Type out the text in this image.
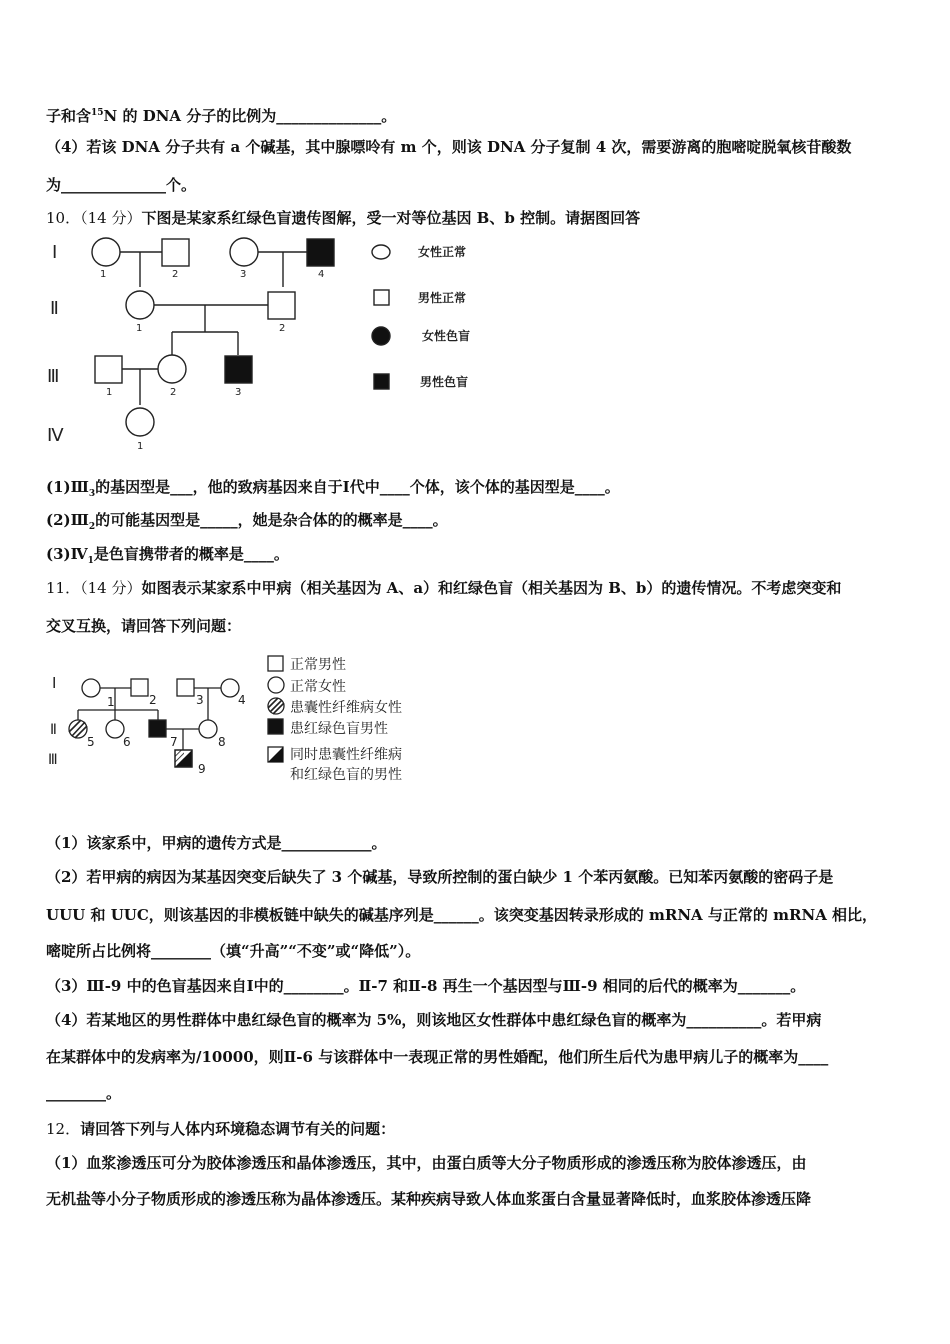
子和含$^{15}$N 的 DNA 分子的比例为______________。
（4）若该 DNA 分子共有 a 个碱基，其中腺嘌呤有 m 个，则该 DNA 分子复制 4 次，需要游离的胞嘧啶脱氧核苷酸数
为______________个。
10．（14 分）下图是某家系红绿色盲遗传图解，受一对等位基因 B、b 控制。请据图回答
Ⅰ
Ⅱ
Ⅲ
Ⅳ
1	2	3	4
1	2
1	2	3
1
女性正常
男性正常
女性色盲
男性色盲
$(1)Ⅲ_3$的基因型是___，他的致病基因来自于Ⅰ代中____个体，该个体的基因型是____。
$(2)Ⅲ_2$的可能基因型是_____，她是杂合体的的概率是____。
$(3)Ⅳ_1$是色盲携带者的概率是____。
11．（14 分）如图表示某家系中甲病（相关基因为 A、a）和红绿色盲（相关基因为 B、b）的遗传情况。不考虑突变和
交叉互换，请回答下列问题：
Ⅰ
Ⅱ
Ⅲ
1	2	3	4
5 6	7	8
9
正常男性
正常女性
患囊性纤维病女性
患红绿色盲男性
同时患囊性纤维病
和红绿色盲的男性
（1）该家系中，甲病的遗传方式是____________。
（2）若甲病的病因为某基因突变后缺失了 3 个碱基，导致所控制的蛋白缺少 1 个苯丙氨酸。已知苯丙氨酸的密码子是
UUU 和 UUC，则该基因的非模板链中缺失的碱基序列是______。该突变基因转录形成的 mRNA 与正常的 mRNA 相比，
嘧啶所占比例将________（填“升高”“不变”或“降低”）。
（3）Ⅲ-9 中的色盲基因来自Ⅰ中的________。Ⅱ-7 和Ⅱ-8 再生一个基因型与Ⅲ-9 相同的后代的概率为_______。
（4）若某地区的男性群体中患红绿色盲的概率为 5%，则该地区女性群体中患红绿色盲的概率为__________。若甲病
在某群体中的发病率为/10000，则Ⅱ-6 与该群体中一表现正常的男性婚配，他们所生后代为患甲病儿子的概率为____
________。
12．请回答下列与人体内环境稳态调节有关的问题：
（1）血浆渗透压可分为胶体渗透压和晶体渗透压，其中，由蛋白质等大分子物质形成的渗透压称为胶体渗透压，由
无机盐等小分子物质形成的渗透压称为晶体渗透压。某种疾病导致人体血浆蛋白含量显著降低时，血浆胶体渗透压降
